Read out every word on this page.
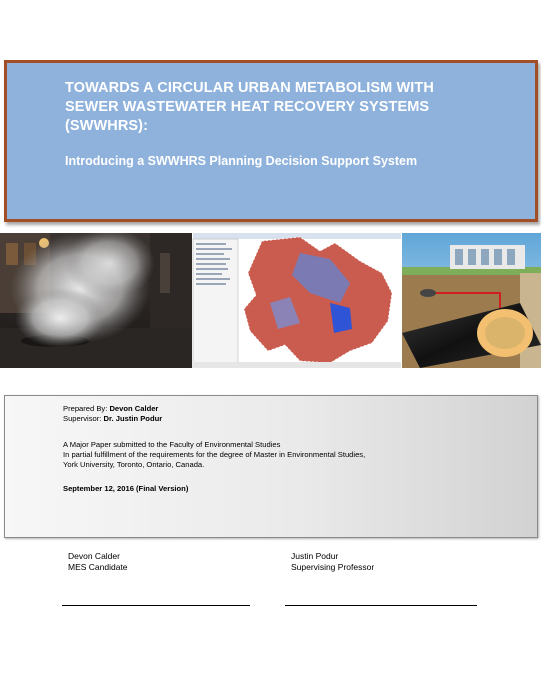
TOWARDS A CIRCULAR URBAN METABOLISM WITH
SEWER WASTEWATER HEAT RECOVERY SYSTEMS
(SWWHRS):
Introducing a SWWHRS Planning Decision Support System
Prepared By: Devon Calder
Supervisor: Dr. Justin Podur
A Major Paper submitted to the Faculty of Environmental Studies
In partial fulfillment of the requirements for the degree of Master in Environmental Studies,
York University, Toronto, Ontario, Canada.
September 12, 2016 (Final Version)
Devon Calder
MES Candidate
Justin Podur
Supervising Professor
